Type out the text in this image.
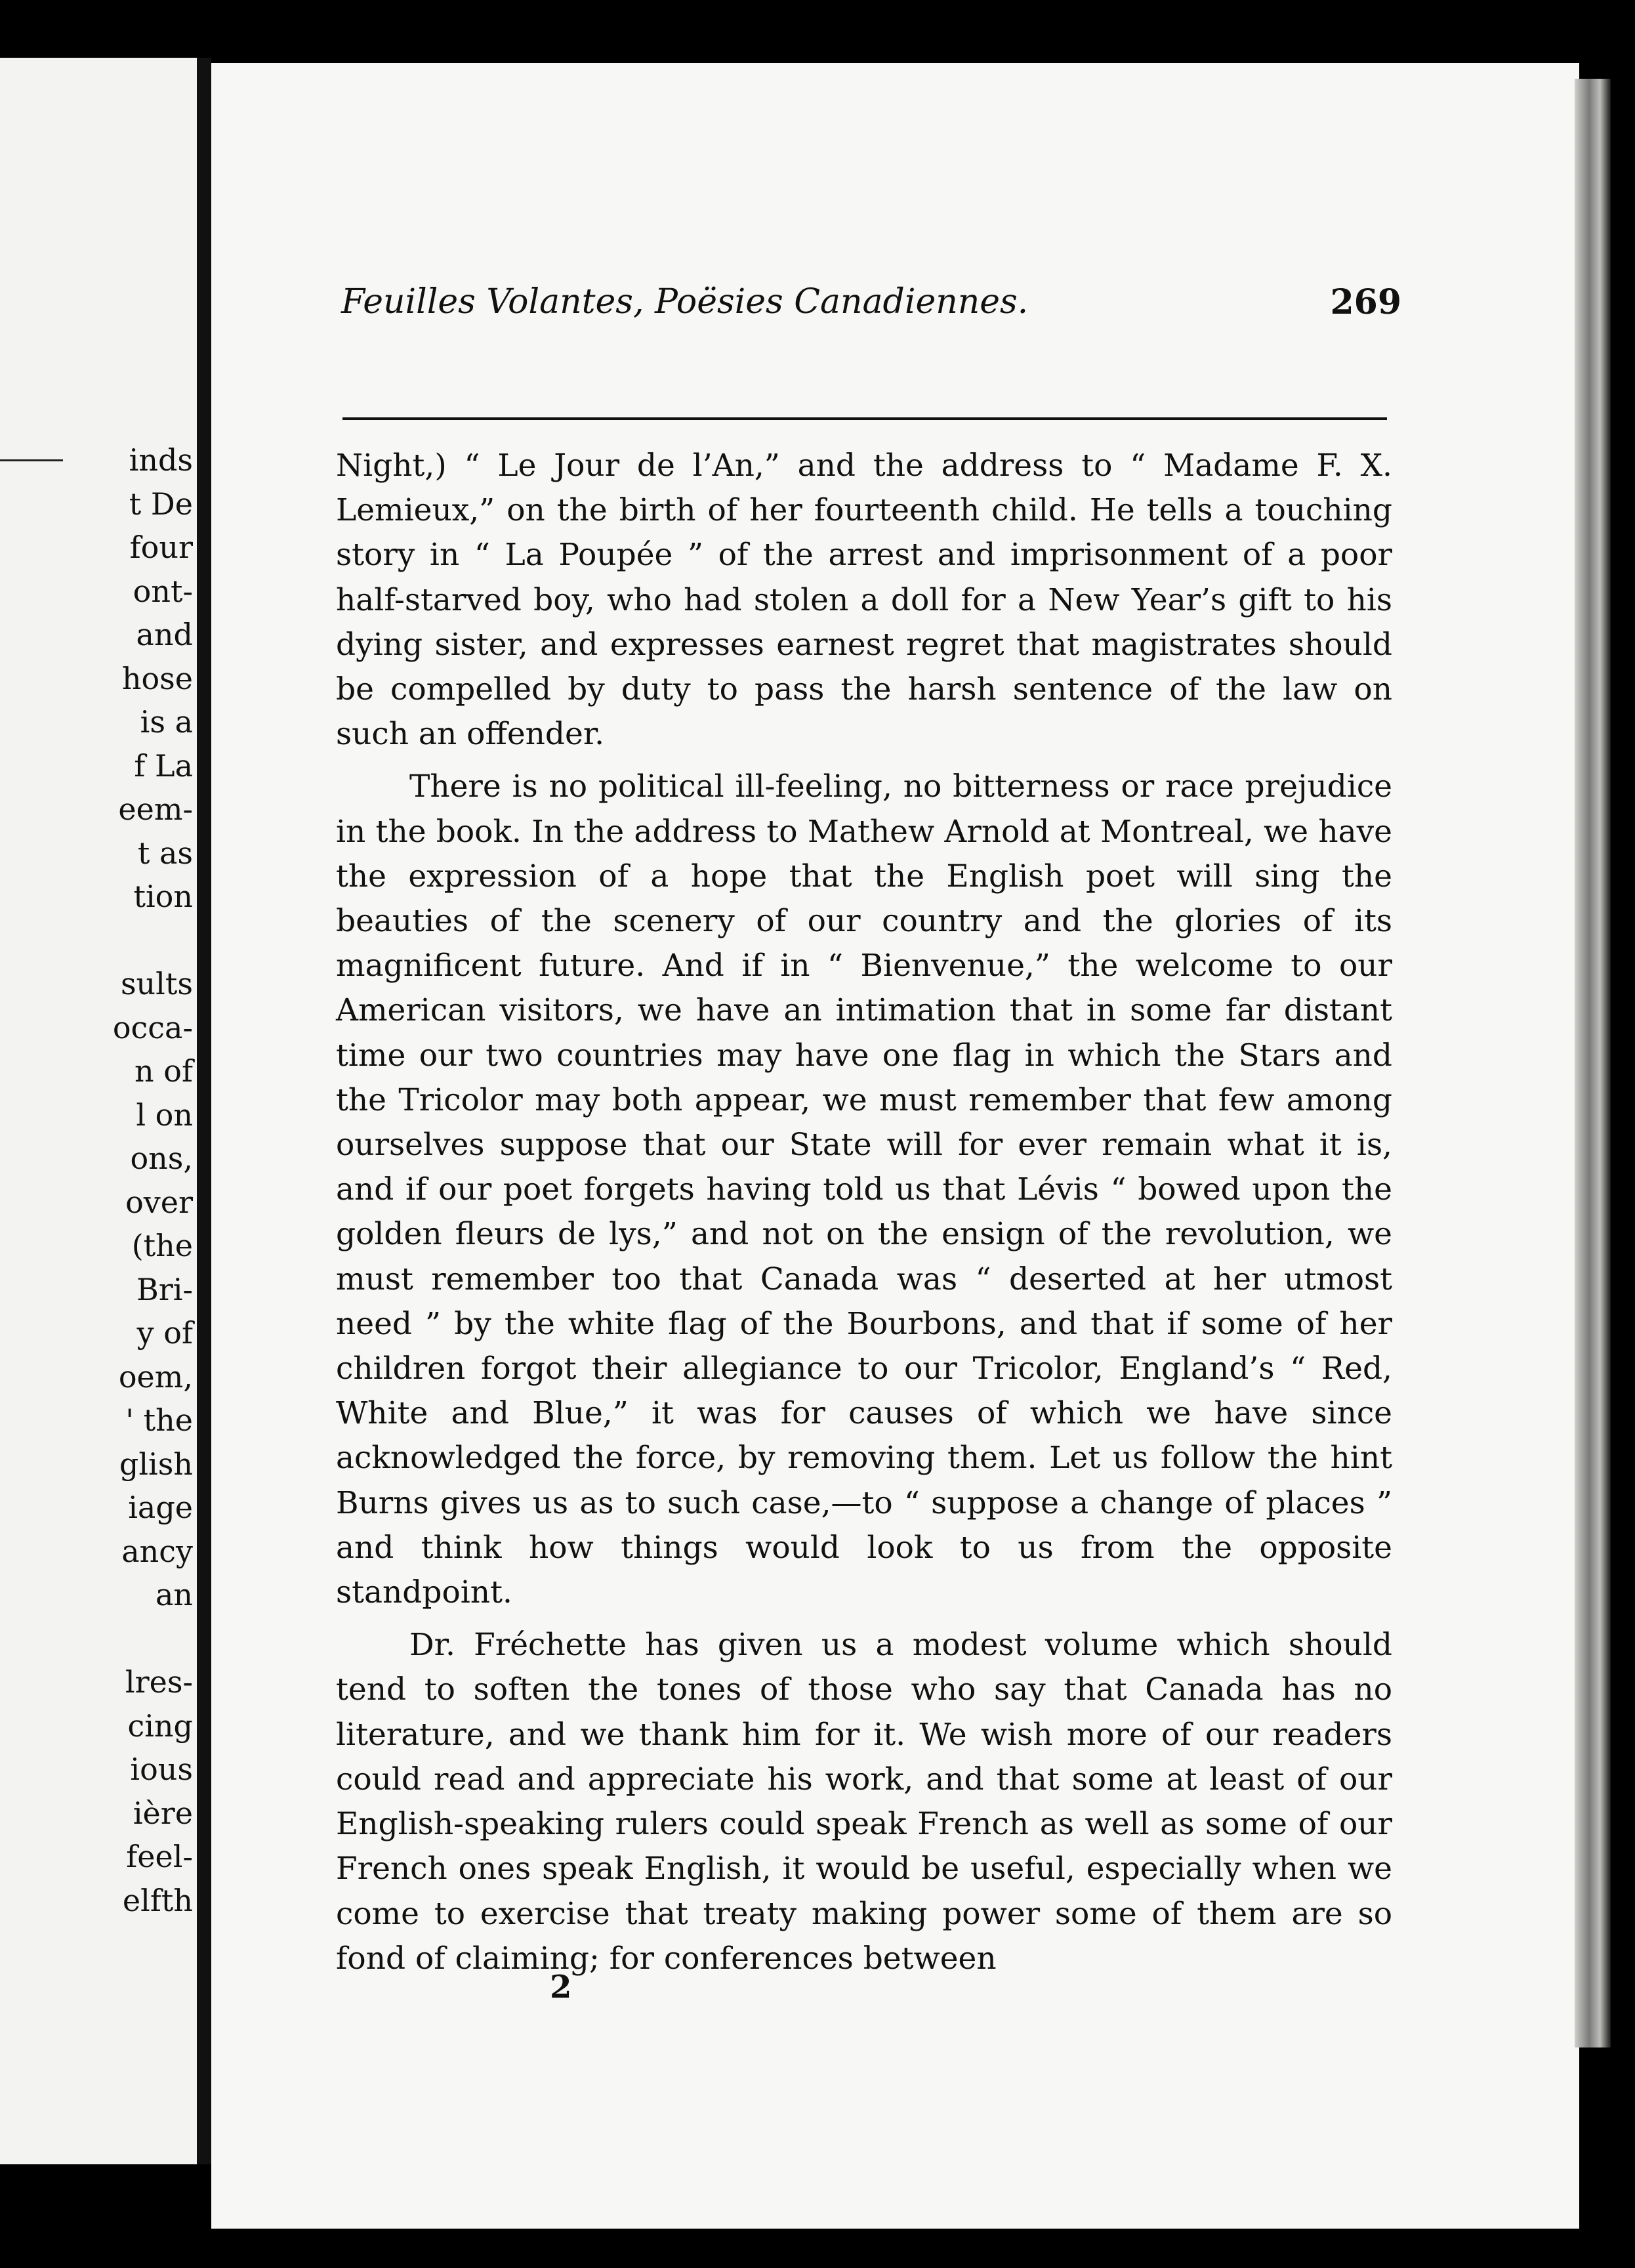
inds
t De
four
ont-
and
hose
is a
f La
eem-
t as
tion
sults
occa-
n of
l on
ons,
over
(the
Bri-
y of
oem,
' the
glish
iage
ancy
an
lres-
cing
ious
ière
feel-
elfth
Feuilles Volantes, Poësies Canadiennes.	269

Night,) “ Le Jour de l’An,” and the address to “ Madame F. X. Lemieux,” on the birth of her fourteenth child. He tells a touching story in “ La Poupée ” of the arrest and imprisonment of a poor half-starved boy, who had stolen a doll for a New Year’s gift to his dying sister, and expresses earnest regret that magistrates should be compelled by duty to pass the harsh sentence of the law on such an offender.

There is no political ill-feeling, no bitterness or race prejudice in the book. In the address to Mathew Arnold at Montreal, we have the expression of a hope that the English poet will sing the beauties of the scenery of our country and the glories of its magnificent future. And if in “ Bienvenue,” the welcome to our American visitors, we have an intimation that in some far distant time our two countries may have one flag in which the Stars and the Tricolor may both appear, we must remember that few among ourselves suppose that our State will for ever remain what it is, and if our poet forgets having told us that Lévis “ bowed upon the golden fleurs de lys,” and not on the ensign of the revolution, we must remember too that Canada was “ deserted at her utmost need ” by the white flag of the Bourbons, and that if some of her children forgot their allegiance to our Tricolor, England’s “ Red, White and Blue,” it was for causes of which we have since acknowledged the force, by removing them. Let us follow the hint Burns gives us as to such case,—to “ suppose a change of places ” and think how things would look to us from the opposite standpoint.

Dr. Fréchette has given us a modest volume which should tend to soften the tones of those who say that Canada has no literature, and we thank him for it. We wish more of our readers could read and appreciate his work, and that some at least of our English-speaking rulers could speak French as well as some of our French ones speak English, it would be useful, especially when we come to exercise that treaty making power some of them are so fond of claiming; for conferences between

2
